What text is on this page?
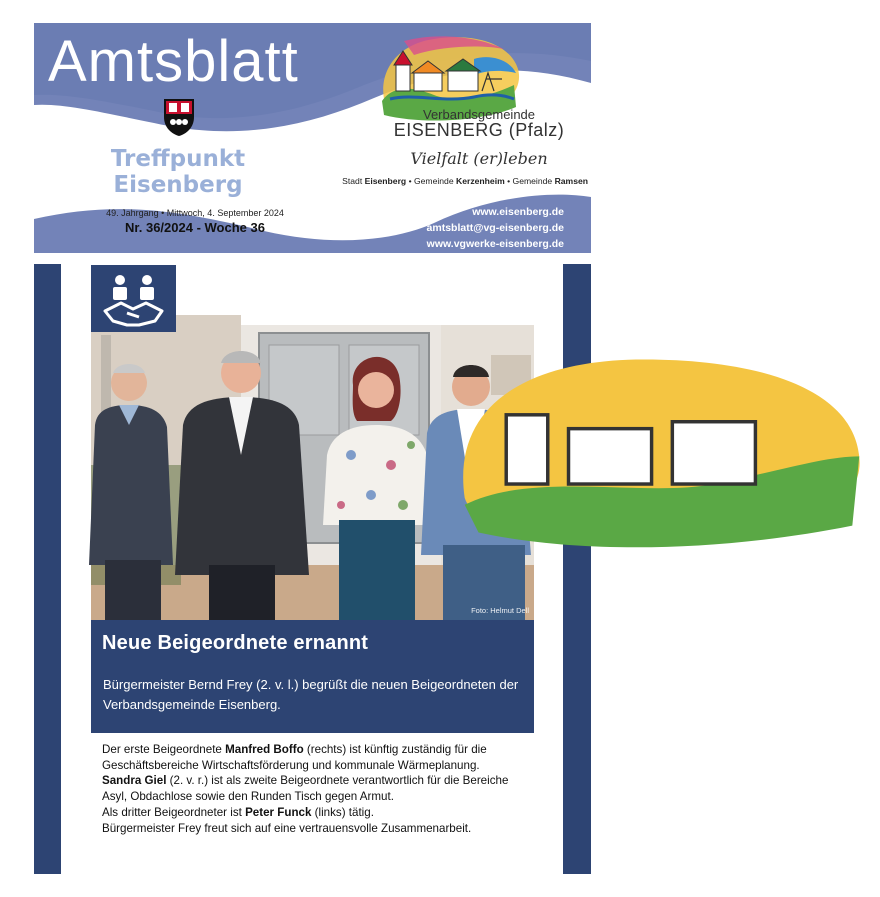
Amtsblatt
Treffpunkt
Eisenberg
49. Jahrgang • Mittwoch, 4. September 2024
Nr. 36/2024 - Woche 36
Verbandsgemeinde
EISENBERG (Pfalz)
Vielfalt (er)leben
Stadt Eisenberg • Gemeinde Kerzenheim • Gemeinde Ramsen
www.eisenberg.de
amtsblatt@vg-eisenberg.de
www.vgwerke-eisenberg.de
Foto: Helmut Dell
Neue Beigeordnete ernannt
Bürgermeister Bernd Frey (2. v. l.) begrüßt die neuen Beigeordneten der Verbandsgemeinde Eisenberg.

Der erste Beigeordnete Manfred Boffo (rechts) ist künftig zuständig für die Geschäftsbereiche Wirtschaftsförderung und kommunale Wärmeplanung.

Sandra Giel (2. v. r.) ist als zweite Beigeordnete verantwortlich für die Bereiche Asyl, Obdachlose sowie den Runden Tisch gegen Armut.

Als dritter Beigeordneter ist Peter Funck (links) tätig.

Bürgermeister Frey freut sich auf eine vertrauensvolle Zusammenarbeit.
